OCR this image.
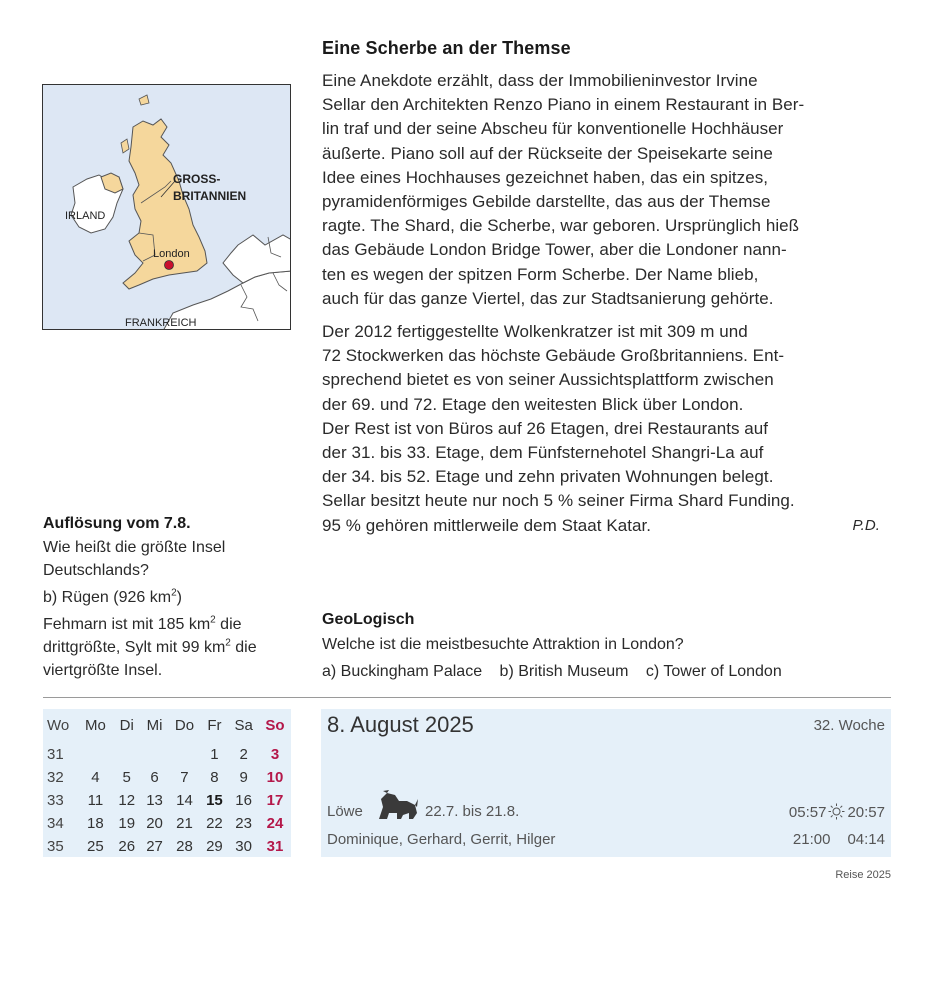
GROSS-
BRITANNIEN
IRLAND
London
FRANKREICH
Eine Scherbe an der Themse

Eine Anekdote erzählt, dass der Immobilieninvestor Irvine
Sellar den Architekten Renzo Piano in einem Restaurant in Ber-
lin traf und der seine Abscheu für konventionelle Hochhäuser
äußerte. Piano soll auf der Rückseite der Speisekarte seine
Idee eines Hochhauses gezeichnet haben, das ein spitzes,
pyramidenförmiges Gebilde darstellte, das aus der Themse
ragte. The Shard, die Scherbe, war geboren. Ursprünglich hieß
das Gebäude London Bridge Tower, aber die Londoner nann-
ten es wegen der spitzen Form Scherbe. Der Name blieb,
auch für das ganze Viertel, das zur Stadtsanierung gehörte.

Der 2012 fertiggestellte Wolkenkratzer ist mit 309 m und
72 Stockwerken das höchste Gebäude Großbritanniens. Ent-
sprechend bietet es von seiner Aussichtsplattform zwischen
der 69. und 72. Etage den weitesten Blick über London.
Der Rest ist von Büros auf 26 Etagen, drei Restaurants auf
der 31. bis 33. Etage, dem Fünfsternehotel Shangri-La auf
der 34. bis 52. Etage und zehn privaten Wohnungen belegt.
Sellar besitzt heute nur noch 5 % seiner Firma Shard Funding.
95 % gehören mittlerweile dem Staat Katar.	P.D.

Auflösung vom 7.8.

Wie heißt die größte Insel Deutschlands?

b) Rügen (926 $km^2$)

Fehmarn ist mit 185 $km^2$ die drittgrößte, Sylt mit 99 $km^2$ die viertgrößte Insel.

GeoLogisch

Welche ist die meistbesuchte Attraktion in London?

a) Buckingham Palace b) British Museum c) Tower of London

Wo	Mo	Di	Mi	Do	Fr	Sa	So

31					1	2	3
32	4	5	6	7	8	9	10
33	11	12	13	14	15	16	17
34	18	19	20	21	22	23	24
35	25	26	27	28	29	30	31
8. August 2025	32. Woche
Löwe	22.7. bis 21.8.	05:57 20:57
Dominique, Gerhard, Gerrit, Hilger	21:00 04:14
Reise 2025
